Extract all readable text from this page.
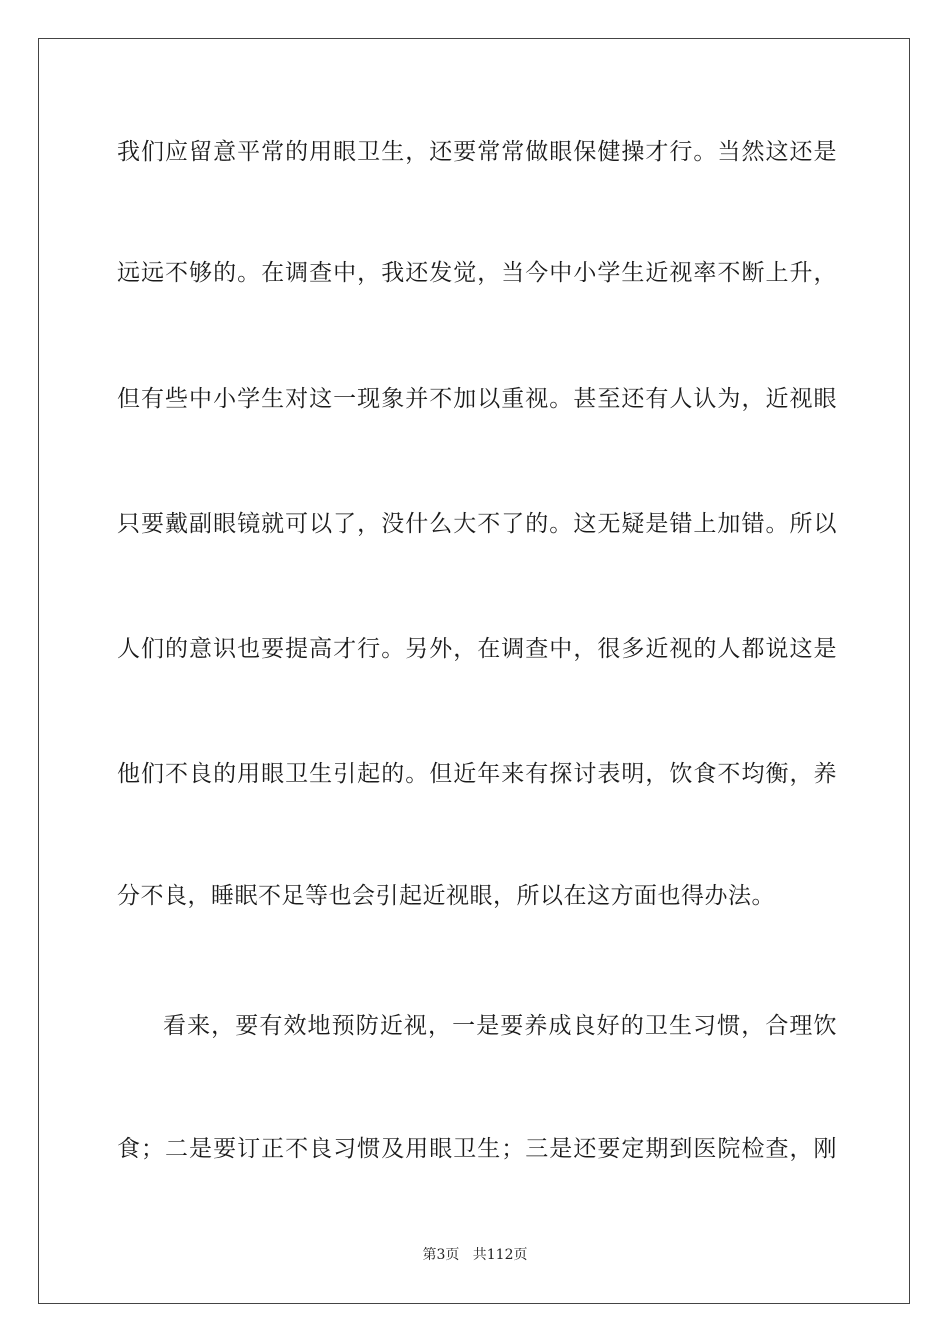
我们应留意平常的用眼卫生，还要常常做眼保健操才行。当然这还是
远远不够的。在调查中，我还发觉，当今中小学生近视率不断上升，
但有些中小学生对这一现象并不加以重视。甚至还有人认为，近视眼
只要戴副眼镜就可以了，没什么大不了的。这无疑是错上加错。所以
人们的意识也要提高才行。另外，在调查中，很多近视的人都说这是
他们不良的用眼卫生引起的。但近年来有探讨表明，饮食不均衡，养
分不良，睡眠不足等也会引起近视眼，所以在这方面也得办法。
看来，要有效地预防近视，一是要养成良好的卫生习惯，合理饮
食；二是要订正不良习惯及用眼卫生；三是还要定期到医院检查，刚
第3页   共112页
